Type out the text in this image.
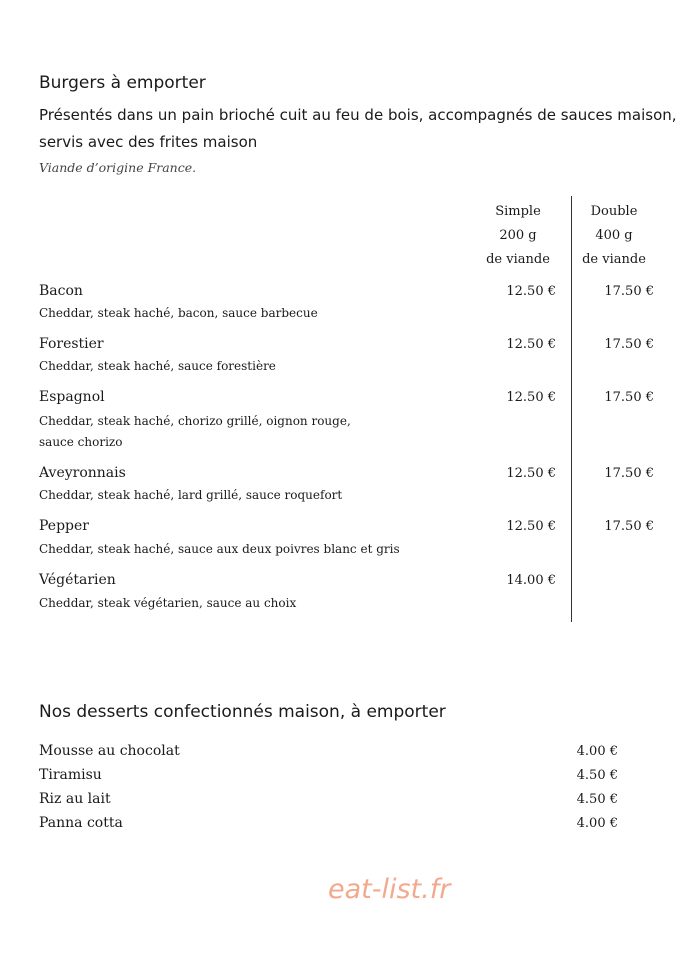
Burgers à emporter
Présentés dans un pain brioché cuit au feu de bois, accompagnés de sauces maison,
servis avec des frites maison
Viande d’origine France.
Simple
200 g
de viande
Double
400 g
de viande
Bacon
Cheddar, steak haché, bacon, sauce barbecue
12.50 €	17.50 €
Forestier
Cheddar, steak haché, sauce forestière
12.50 €	17.50 €
Espagnol
Cheddar, steak haché, chorizo grillé, oignon rouge,
sauce chorizo
12.50 €	17.50 €
Aveyronnais
Cheddar, steak haché, lard grillé, sauce roquefort
12.50 €	17.50 €
Pepper
Cheddar, steak haché, sauce aux deux poivres blanc et gris
12.50 €	17.50 €
Végétarien
Cheddar, steak végétarien, sauce au choix
14.00 €
Nos desserts confectionnés maison, à emporter
Mousse au chocolat	4.00 €
Tiramisu	4.50 €
Riz au lait	4.50 €
Panna cotta	4.00 €
eat-list.fr
